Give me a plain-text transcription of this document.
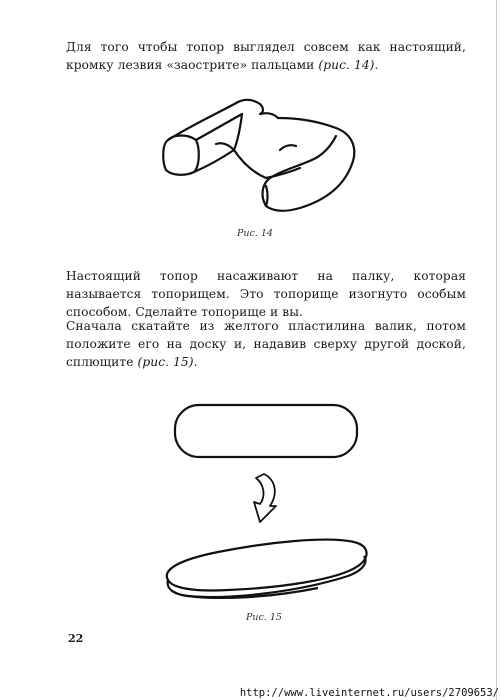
Для того чтобы топор выглядел совсем как настоящий, кромку лезвия «заострите» пальцами (рис. 14).

Рис. 14

Настоящий топор насаживают на палку, которая называется топорищем. Это топорище изогнуто особым способом. Сделайте топорище и вы.

Сначала скатайте из желтого пластилина валик, потом положите его на доску и, надавив сверху другой доской, сплющите (рис. 15).

Рис. 15
22
http://www.liveinternet.ru/users/2709653/
